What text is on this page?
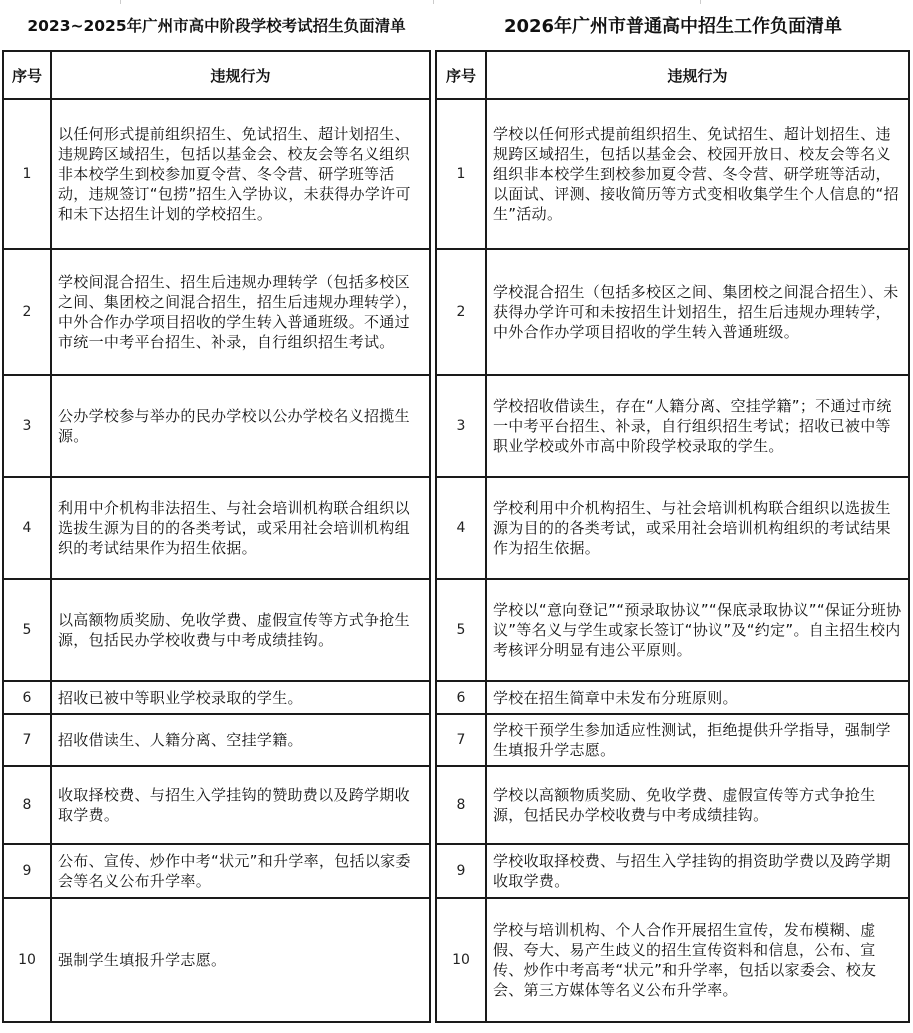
2023~2025年广州市高中阶段学校考试招生负面清单
序号	违规行为
1	以任何形式提前组织招生、免试招生、超计划招生、违规跨区域招生，包括以基金会、校友会等名义组织非本校学生到校参加夏令营、冬令营、研学班等活动，违规签订“包捞”招生入学协议，未获得办学许可和未下达招生计划的学校招生。
2	学校间混合招生、招生后违规办理转学（包括多校区之间、集团校之间混合招生，招生后违规办理转学），中外合作办学项目招收的学生转入普通班级。不通过市统一中考平台招生、补录，自行组织招生考试。
3	公办学校参与举办的民办学校以公办学校名义招揽生源。
4	利用中介机构非法招生、与社会培训机构联合组织以选拔生源为目的的各类考试，或采用社会培训机构组织的考试结果作为招生依据。
5	以高额物质奖励、免收学费、虚假宣传等方式争抢生源，包括民办学校收费与中考成绩挂钩。
6	招收已被中等职业学校录取的学生。
7	招收借读生、人籍分离、空挂学籍。
8	收取择校费、与招生入学挂钩的赞助费以及跨学期收取学费。
9	公布、宣传、炒作中考“状元”和升学率，包括以家委会等名义公布升学率。
10	强制学生填报升学志愿。
2026年广州市普通高中招生工作负面清单
序号	违规行为
1	学校以任何形式提前组织招生、免试招生、超计划招生、违规跨区域招生，包括以基金会、校园开放日、校友会等名义组织非本校学生到校参加夏令营、冬令营、研学班等活动，以面试、评测、接收简历等方式变相收集学生个人信息的“招生”活动。
2	学校混合招生（包括多校区之间、集团校之间混合招生）、未获得办学许可和未按招生计划招生，招生后违规办理转学，中外合作办学项目招收的学生转入普通班级。
3	学校招收借读生，存在“人籍分离、空挂学籍”；不通过市统一中考平台招生、补录，自行组织招生考试；招收已被中等职业学校或外市高中阶段学校录取的学生。
4	学校利用中介机构招生、与社会培训机构联合组织以选拔生源为目的的各类考试，或采用社会培训机构组织的考试结果作为招生依据。
5	学校以“意向登记”“预录取协议”“保底录取协议”“保证分班协议”等名义与学生或家长签订“协议”及“约定”。自主招生校内考核评分明显有违公平原则。
6	学校在招生简章中未发布分班原则。
7	学校干预学生参加适应性测试，拒绝提供升学指导，强制学生填报升学志愿。
8	学校以高额物质奖励、免收学费、虚假宣传等方式争抢生源，包括民办学校收费与中考成绩挂钩。
9	学校收取择校费、与招生入学挂钩的捐资助学费以及跨学期收取学费。
10	学校与培训机构、个人合作开展招生宣传，发布模糊、虚假、夸大、易产生歧义的招生宣传资料和信息，公布、宣传、炒作中考高考“状元”和升学率，包括以家委会、校友会、第三方媒体等名义公布升学率。
